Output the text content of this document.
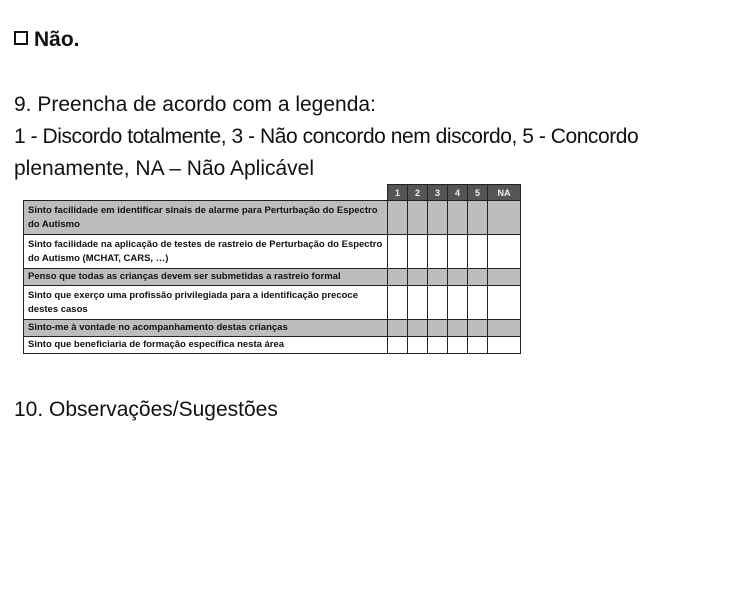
Não.

9. Preencha de acordo com a legenda:

1 - Discordo totalmente, 3 - Não concordo nem discordo, 5 - Concordo

plenamente, NA – Não Aplicável

	1	2	3	4	5	NA
Sinto facilidade em identificar sinais de alarme para Perturbação do Espectro do Autismo						
Sinto facilidade na aplicação de testes de rastreio de Perturbação do Espectro do Autismo (MCHAT, CARS, …)						
Penso que todas as crianças devem ser submetidas a rastreio formal						
Sinto que exerço uma profissão privilegiada para a identificação precoce destes casos						
Sinto-me à vontade no acompanhamento destas crianças						
Sinto que beneficiaria de formação específica nesta área						

10. Observações/Sugestões
